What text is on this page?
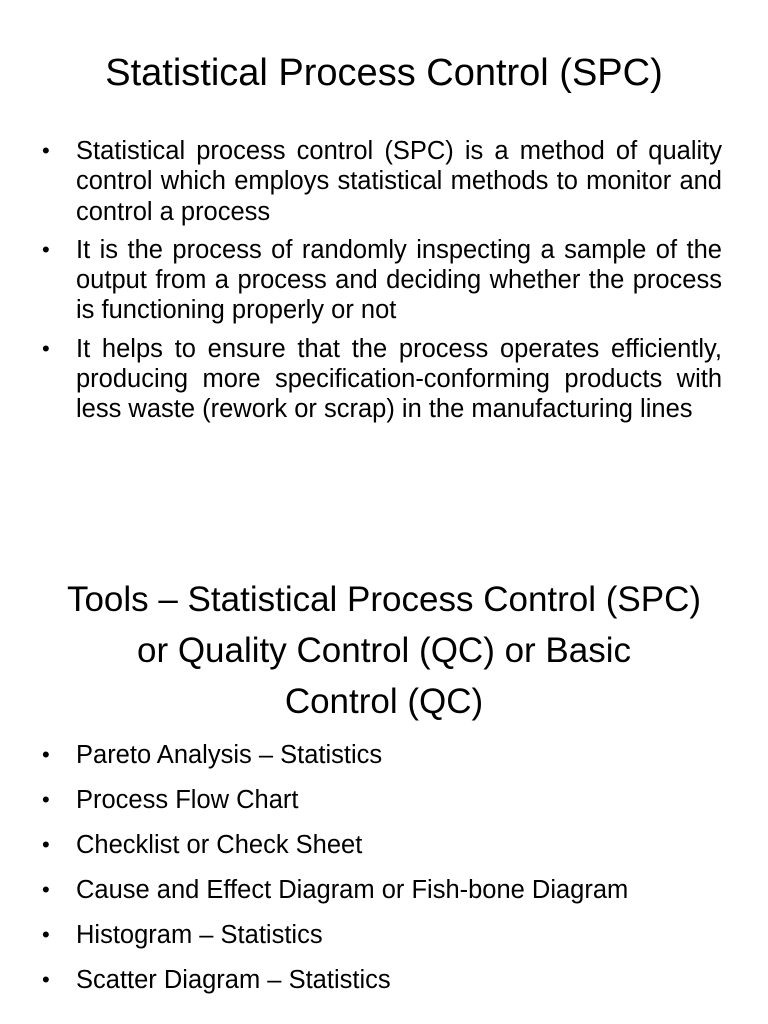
Statistical Process Control (SPC)
• Statistical process control (SPC) is a method of quality control which employs statistical methods to monitor and control a process
• It is the process of randomly inspecting a sample of the output from a process and deciding whether the process is functioning properly or not
• It helps to ensure that the process operates efficiently, producing more specification-conforming products with less waste (rework or scrap) in the manufacturing lines
Tools – Statistical Process Control (SPC)
or Quality Control (QC) or Basic
Control (QC)
• Pareto Analysis – Statistics
• Process Flow Chart
• Checklist or Check Sheet
• Cause and Effect Diagram or Fish-bone Diagram
• Histogram – Statistics
• Scatter Diagram – Statistics
